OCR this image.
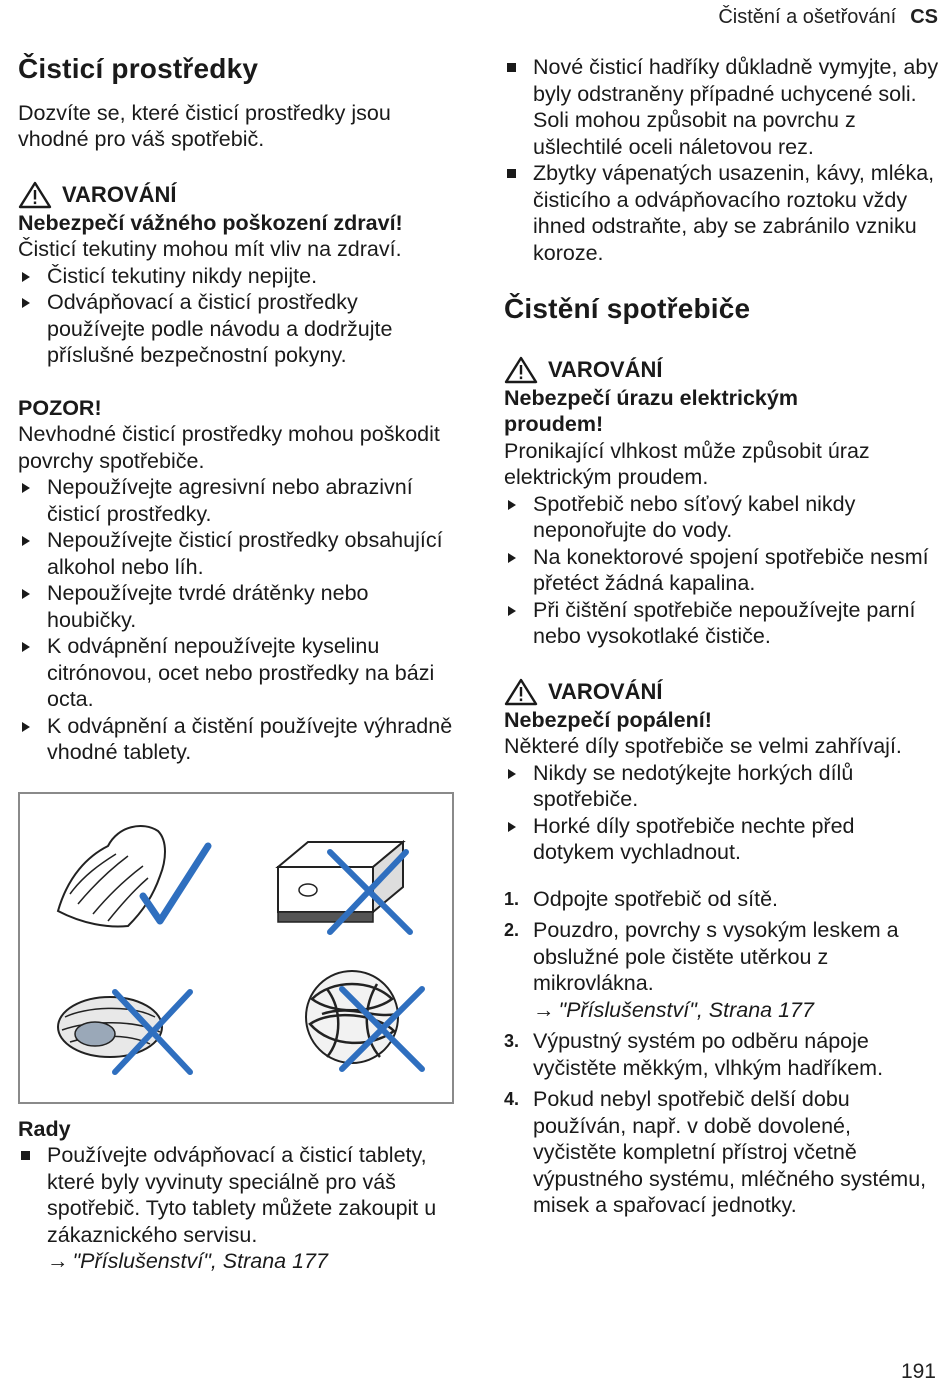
Čistění a ošetřování CS
Čisticí prostředky

Dozvíte se, které čisticí prostředky jsou vhodné pro váš spotřebič.

VAROVÁNÍ
Nebezpečí vážného poškození zdraví!

Čisticí tekutiny mohou mít vliv na zdraví.

Čisticí tekutiny nikdy nepijte.
Odvápňovací a čisticí prostředky používejte podle návodu a dodržujte příslušné bezpečnostní pokyny.
POZOR!

Nevhodné čisticí prostředky mohou poškodit povrchy spotřebiče.

Nepoužívejte agresivní nebo abrazivní čisticí prostředky.
Nepoužívejte čisticí prostředky obsahující alkohol nebo líh.
Nepoužívejte tvrdé drátěnky nebo houbičky.
K odvápnění nepoužívejte kyselinu citrónovou, ocet nebo prostředky na bázi octa.
K odvápnění a čistění používejte výhradně vhodné tablety.
Rady
Používejte odvápňovací a čisticí tablety, které byly vyvinuty speciálně pro váš spotřebič. Tyto tablety můžete zakoupit u zákaznického servisu.
→ "Příslušenství", Strana 177
Nové čisticí hadříky důkladně vymyjte, aby byly odstraněny případné uchycené soli. Soli mohou způsobit na povrchu z ušlechtilé oceli náletovou rez.
Zbytky vápenatých usazenin, kávy, mléka, čisticího a odvápňovacího roztoku vždy ihned odstraňte, aby se zabránilo vzniku koroze.
Čistění spotřebiče
VAROVÁNÍ
Nebezpečí úrazu elektrickým proudem!

Pronikající vlhkost může způsobit úraz elektrickým proudem.

Spotřebič nebo síťový kabel nikdy neponořujte do vody.
Na konektorové spojení spotřebiče nesmí přetéct žádná kapalina.
Při čištění spotřebiče nepoužívejte parní nebo vysokotlaké čističe.
VAROVÁNÍ
Nebezpečí popálení!

Některé díly spotřebiče se velmi zahřívají.

Nikdy se nedotýkejte horkých dílů spotřebiče.
Horké díly spotřebiče nechte před dotykem vychladnout.
1. Odpojte spotřebič od sítě.
2. Pouzdro, povrchy s vysokým leskem a obslužné pole čistěte utěrkou z mikrovlákna.
→ "Příslušenství", Strana 177
3. Výpustný systém po odběru nápoje vyčistěte měkkým, vlhkým hadříkem.
4. Pokud nebyl spotřebič delší dobu používán, např. v době dovolené, vyčistěte kompletní přístroj včetně výpustného systému, mléčného systému, misek a spařovací jednotky.
191
